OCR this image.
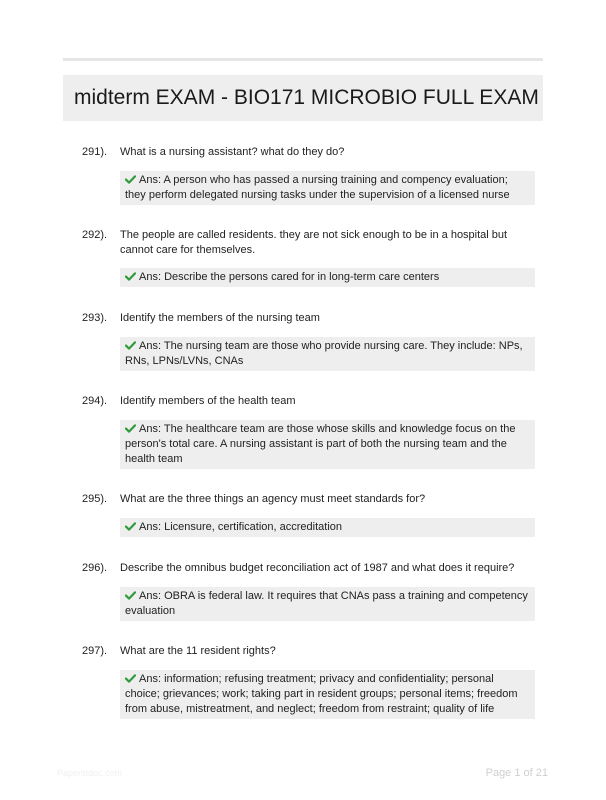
midterm EXAM - BIO171 MICROBIO FULL EXAM
291). What is a nursing assistant? what do they do?
Ans: A person who has passed a nursing training and compency evaluation; they perform delegated nursing tasks under the supervision of a licensed nurse
292). The people are called residents. they are not sick enough to be in a hospital but cannot care for themselves.
Ans: Describe the persons cared for in long-term care centers
293). Identify the members of the nursing team
Ans: The nursing team are those who provide nursing care. They include: NPs, RNs, LPNs/LVNs, CNAs
294). Identify members of the health team
Ans: The healthcare team are those whose skills and knowledge focus on the person's total care. A nursing assistant is part of both the nursing team and the health team
295). What are the three things an agency must meet standards for?
Ans: Licensure, certification, accreditation
296). Describe the omnibus budget reconciliation act of 1987 and what does it require?
Ans: OBRA is federal law. It requires that CNAs pass a training and competency evaluation
297). What are the 11 resident rights?
Ans: information; refusing treatment; privacy and confidentiality; personal choice; grievances; work; taking part in resident groups; personal items; freedom from abuse, mistreatment, and neglect; freedom from restraint; quality of life
Paperstdoc.com	Page 1 of 21
